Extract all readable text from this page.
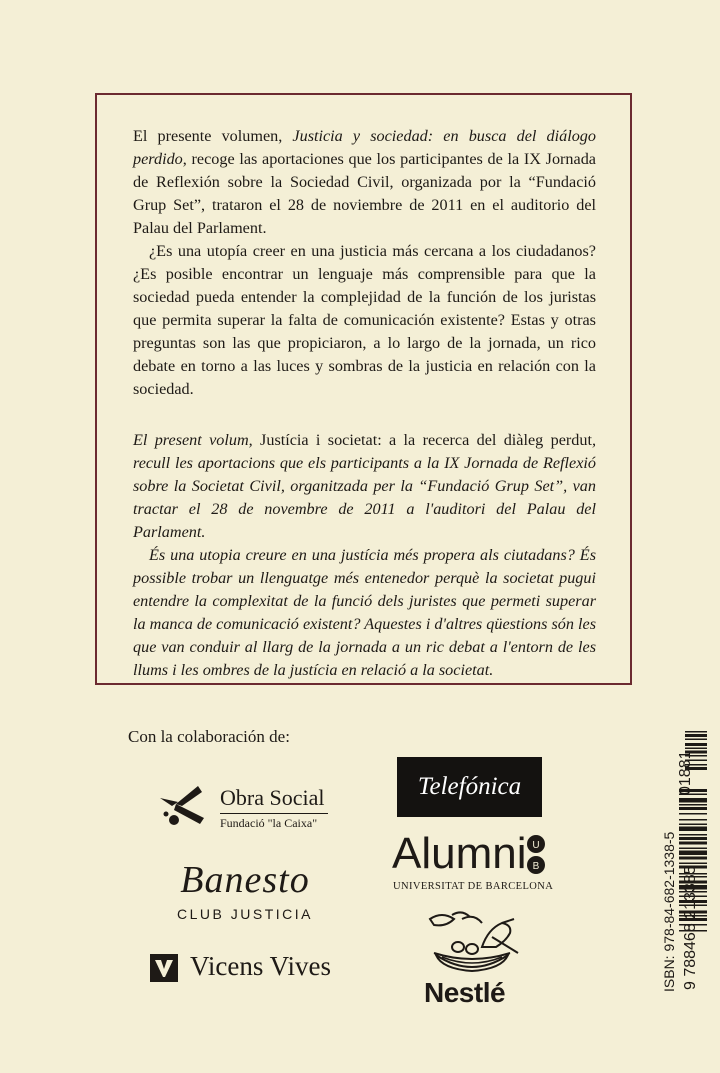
El presente volumen, Justicia y sociedad: en busca del diálogo perdido, recoge las aportaciones que los participantes de la IX Jornada de Reflexión sobre la Sociedad Civil, organizada por la “Fundació Grup Set”, trataron el 28 de noviembre de 2011 en el auditorio del Palau del Parlament.

¿Es una utopía creer en una justicia más cercana a los ciudadanos? ¿Es posible encontrar un lenguaje más comprensible para que la sociedad pueda entender la complejidad de la función de los juristas que permita superar la falta de comunicación existente? Estas y otras preguntas son las que propiciaron, a lo largo de la jornada, un rico debate en torno a las luces y sombras de la justicia en relación con la sociedad.

El present volum, Justícia i societat: a la recerca del diàleg perdut, recull les aportacions que els participants a la IX Jornada de Reflexió sobre la Societat Civil, organitzada per la “Fundació Grup Set”, van tractar el 28 de novembre de 2011 a l'auditori del Palau del Parlament.

És una utopia creure en una justícia més propera als ciutadans? És possible trobar un llenguatge més entenedor perquè la societat pugui entendre la complexitat de la funció dels juristes que permeti superar la manca de comunicació existent? Aquestes i d'altres qüestions són les que van conduir al llarg de la jornada a un ric debat a l'entorn de les llums i les ombres de la justícia en relació a la societat.

Con la colaboración de:
Obra Social
Fundació "la Caixa"
Banesto
CLUB JUSTICIA
Vicens Vives
Telefónica
Alumni U
B
UNIVERSITAT DE BARCELONA
Nestlé
ISBN: 978-84-682-1338-5 9 788468 213385
01881
